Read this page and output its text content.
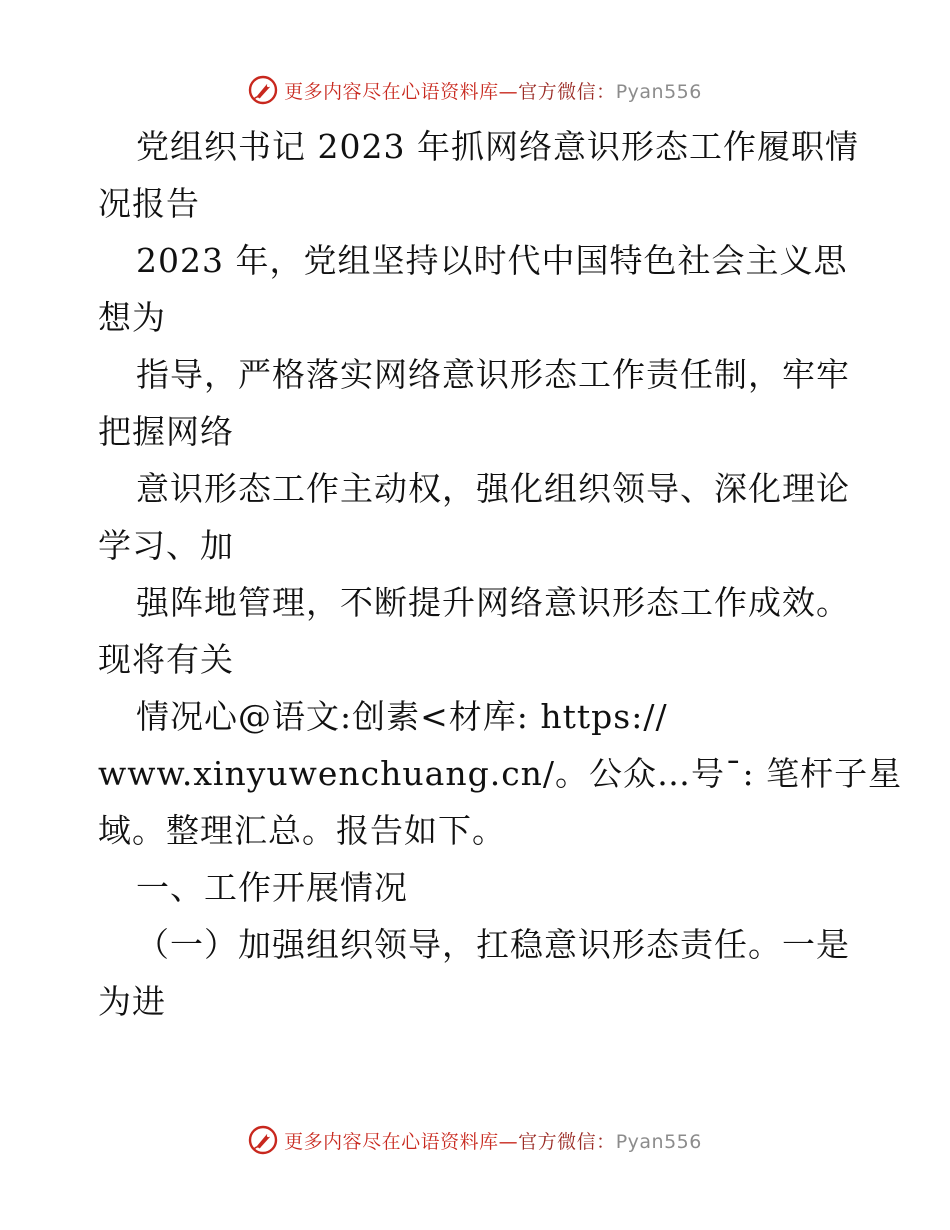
更多内容尽在心语资料库—官方微信：Pyan556
党组织书记 2023 年抓网络意识形态工作履职情
况报告
2023 年，党组坚持以时代中国特色社会主义思
想为
指导，严格落实网络意识形态工作责任制，牢牢
把握网络
意识形态工作主动权，强化组织领导、深化理论
学习、加
强阵地管理，不断提升网络意识形态工作成效。
现将有关
情况心@语文:创素<材库: https://
www.xinyuwenchuang.cn/。公众…号¯: 笔杆子星
域。整理汇总。报告如下。
一、工作开展情况
（一）加强组织领导，扛稳意识形态责任。一是
为进
更多内容尽在心语资料库—官方微信：Pyan556
